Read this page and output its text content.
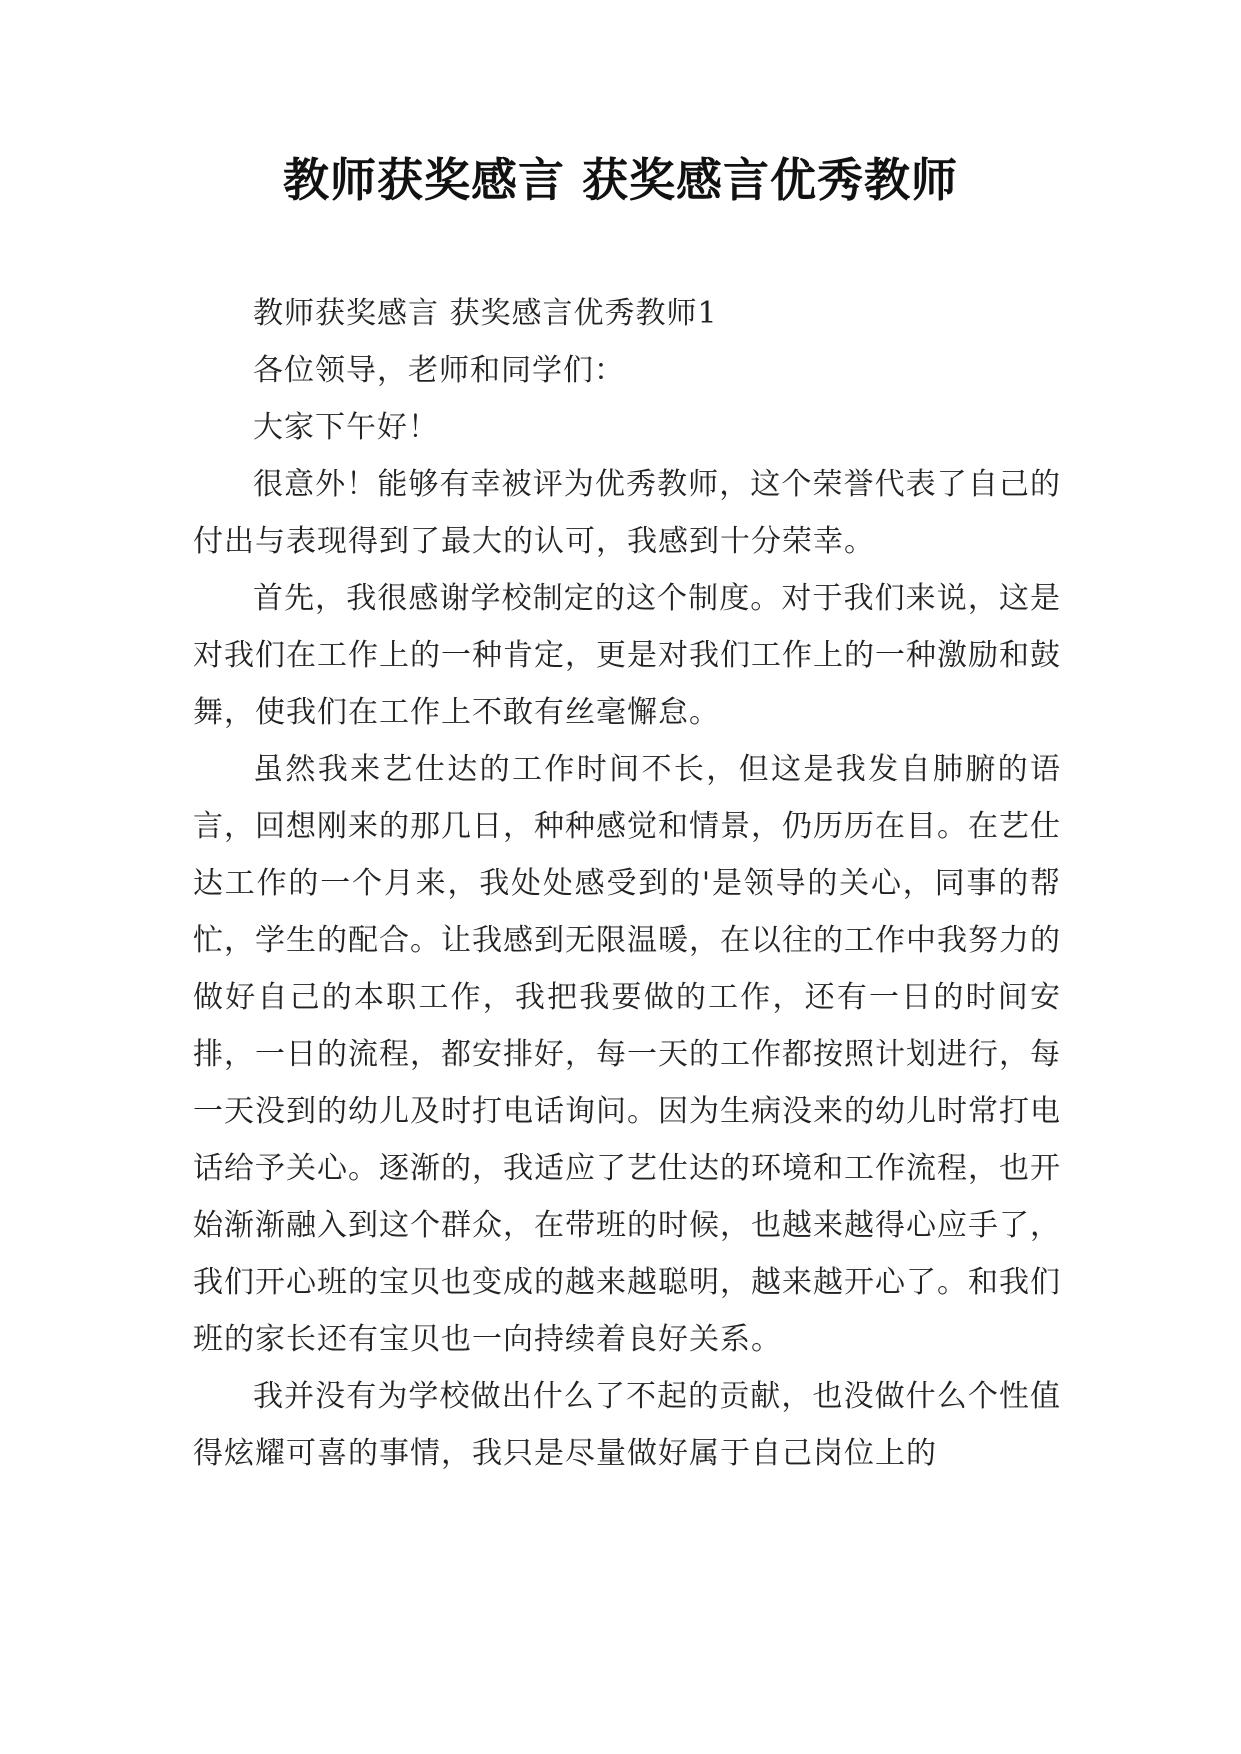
教师获奖感言 获奖感言优秀教师

教师获奖感言 获奖感言优秀教师1

各位领导，老师和同学们：

大家下午好！

很意外！能够有幸被评为优秀教师，这个荣誉代表了自己的付出与表现得到了最大的认可，我感到十分荣幸。

首先，我很感谢学校制定的这个制度。对于我们来说，这是对我们在工作上的一种肯定，更是对我们工作上的一种激励和鼓舞，使我们在工作上不敢有丝毫懈怠。

虽然我来艺仕达的工作时间不长，但这是我发自肺腑的语言，回想刚来的那几日，种种感觉和情景，仍历历在目。在艺仕达工作的一个月来，我处处感受到的'是领导的关心，同事的帮忙，学生的配合。让我感到无限温暖，在以往的工作中我努力的做好自己的本职工作，我把我要做的工作，还有一日的时间安排，一日的流程，都安排好，每一天的工作都按照计划进行，每一天没到的幼儿及时打电话询问。因为生病没来的幼儿时常打电话给予关心。逐渐的，我适应了艺仕达的环境和工作流程，也开始渐渐融入到这个群众，在带班的时候，也越来越得心应手了，我们开心班的宝贝也变成的越来越聪明，越来越开心了。和我们班的家长还有宝贝也一向持续着良好关系。

我并没有为学校做出什么了不起的贡献，也没做什么个性值得炫耀可喜的事情，我只是尽量做好属于自己岗位上的
